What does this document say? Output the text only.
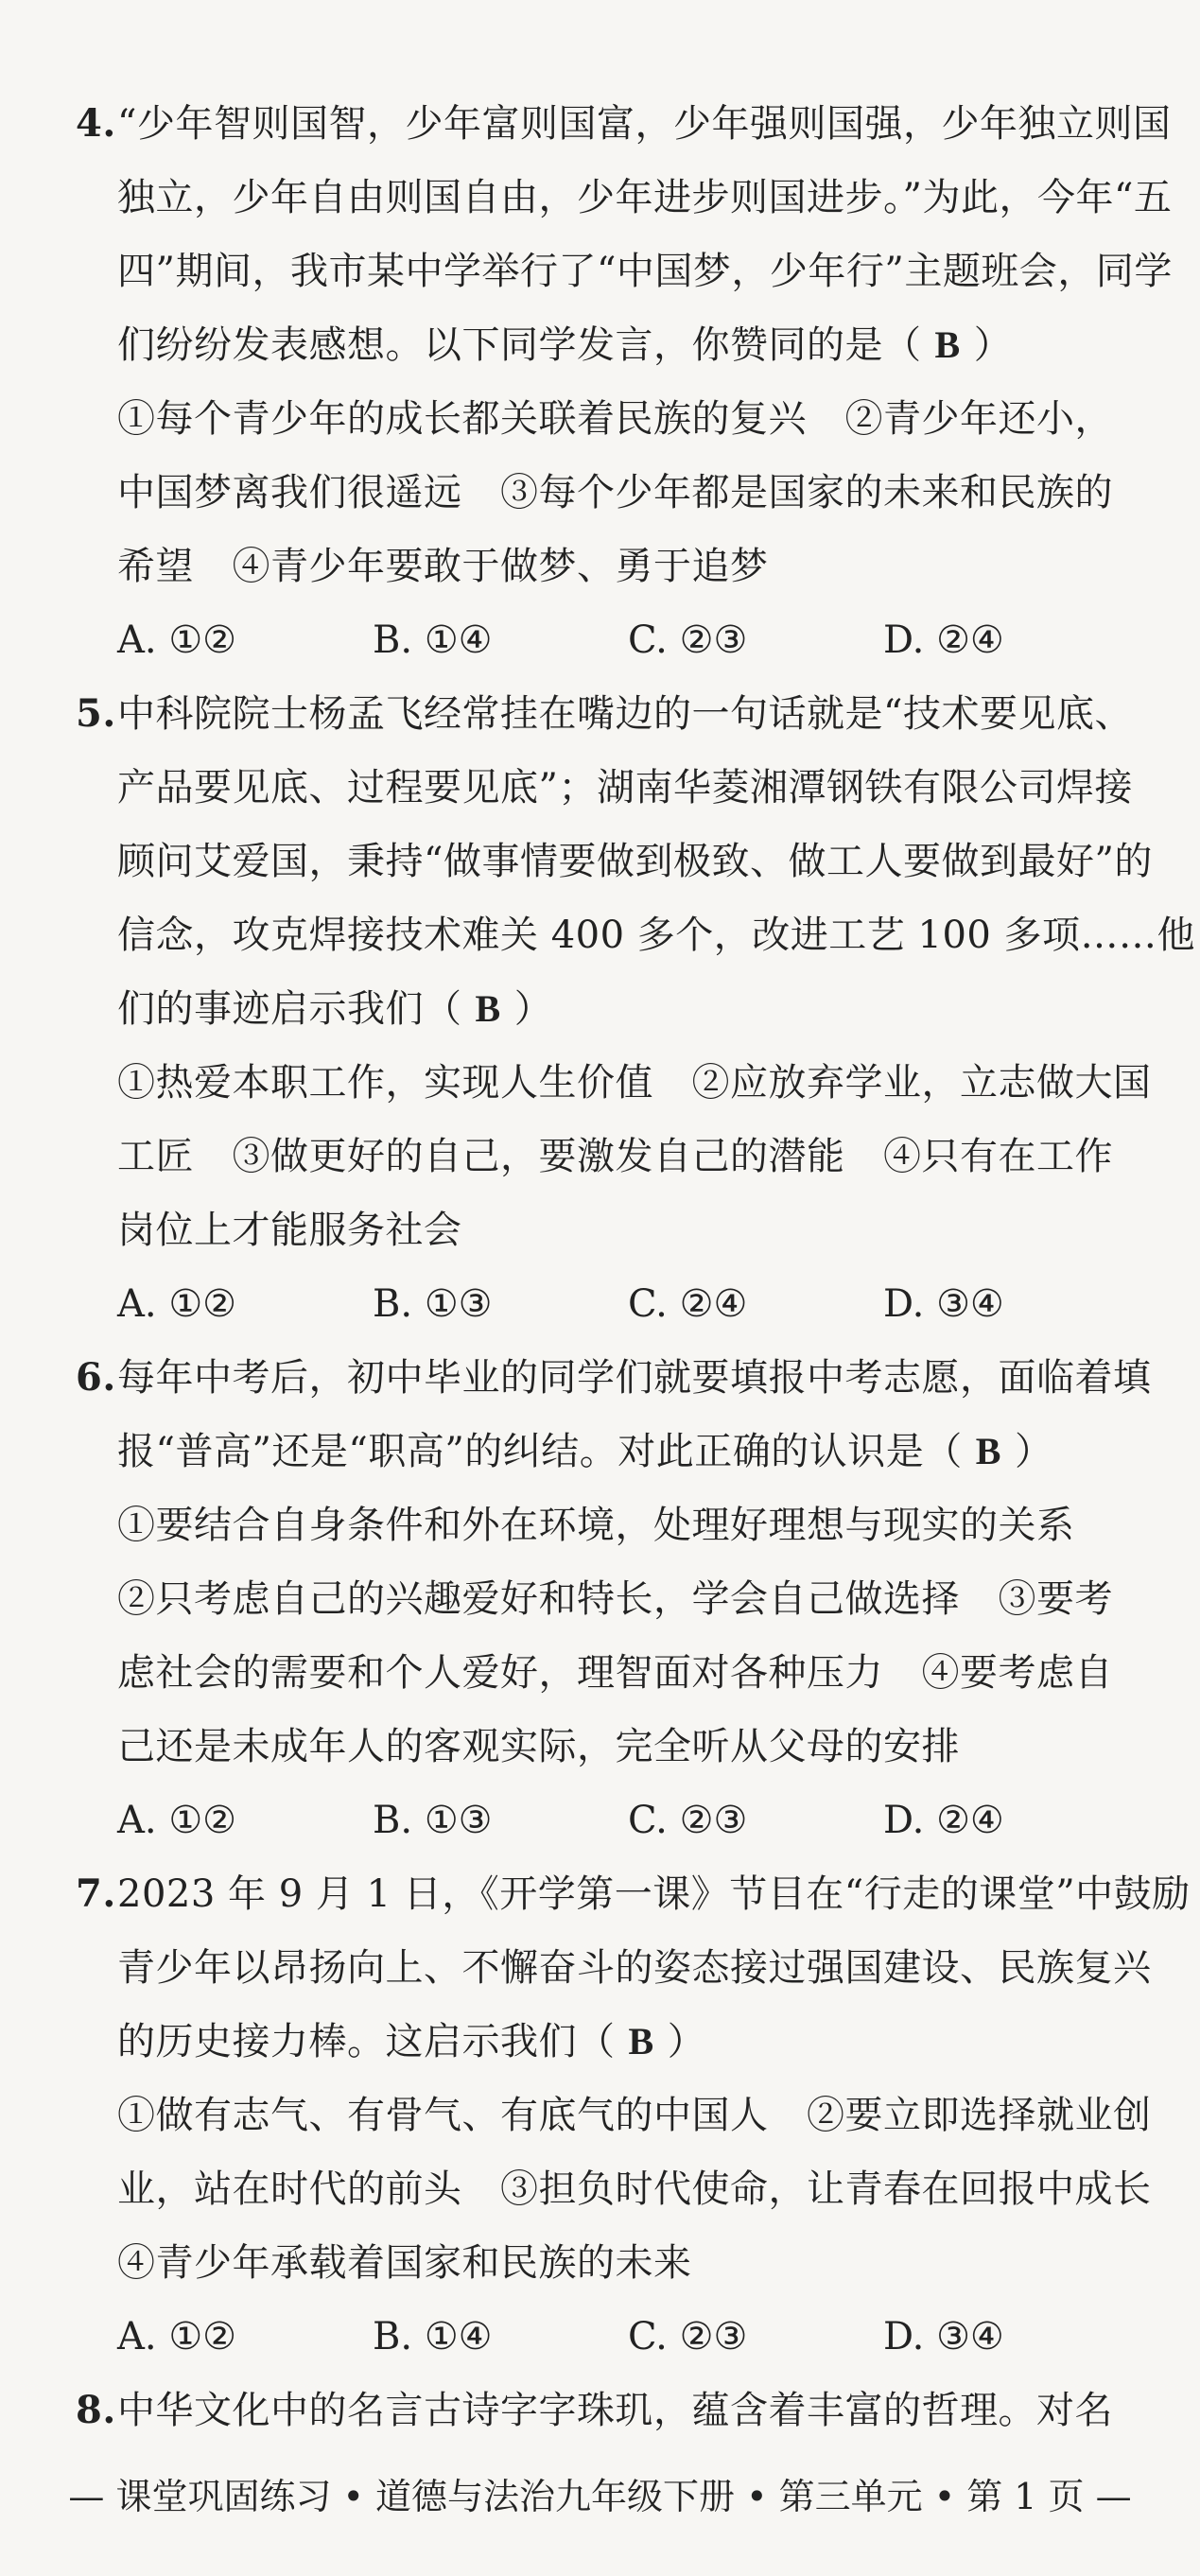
4.“少年智则国智，少年富则国富，少年强则国强，少年独立则国
独立，少年自由则国自由，少年进步则国进步。”为此，今年“五
四”期间，我市某中学举行了“中国梦，少年行”主题班会，同学
们纷纷发表感想。以下同学发言，你赞同的是（ B ）
①每个青少年的成长都关联着民族的复兴　②青少年还小，
中国梦离我们很遥远　③每个少年都是国家的未来和民族的
希望　④青少年要敢于做梦、勇于追梦
A. ①②	B. ①④	C. ②③	D. ②④
5.中科院院士杨孟飞经常挂在嘴边的一句话就是“技术要见底、
产品要见底、过程要见底”；湖南华菱湘潭钢铁有限公司焊接
顾问艾爱国，秉持“做事情要做到极致、做工人要做到最好”的
信念，攻克焊接技术难关 400 多个，改进工艺 100 多项……他
们的事迹启示我们（ B ）
①热爱本职工作，实现人生价值　②应放弃学业，立志做大国
工匠　③做更好的自己，要激发自己的潜能　④只有在工作
岗位上才能服务社会
A. ①②	B. ①③	C. ②④	D. ③④
6.每年中考后，初中毕业的同学们就要填报中考志愿，面临着填
报“普高”还是“职高”的纠结。对此正确的认识是（ B ）
①要结合自身条件和外在环境，处理好理想与现实的关系
②只考虑自己的兴趣爱好和特长，学会自己做选择　③要考
虑社会的需要和个人爱好，理智面对各种压力　④要考虑自
己还是未成年人的客观实际，完全听从父母的安排
A. ①②	B. ①③	C. ②③	D. ②④
7.2023 年 9 月 1 日，《开学第一课》节目在“行走的课堂”中鼓励
青少年以昂扬向上、不懈奋斗的姿态接过强国建设、民族复兴
的历史接力棒。这启示我们（ B ）
①做有志气、有骨气、有底气的中国人　②要立即选择就业创
业，站在时代的前头　③担负时代使命，让青春在回报中成长
④青少年承载着国家和民族的未来
A. ①②	B. ①④	C. ②③	D. ③④
8.中华文化中的名言古诗字字珠玑，蕴含着丰富的哲理。对名
— 课堂巩固练习 • 道德与法治九年级下册 • 第三单元 • 第 1 页 —
